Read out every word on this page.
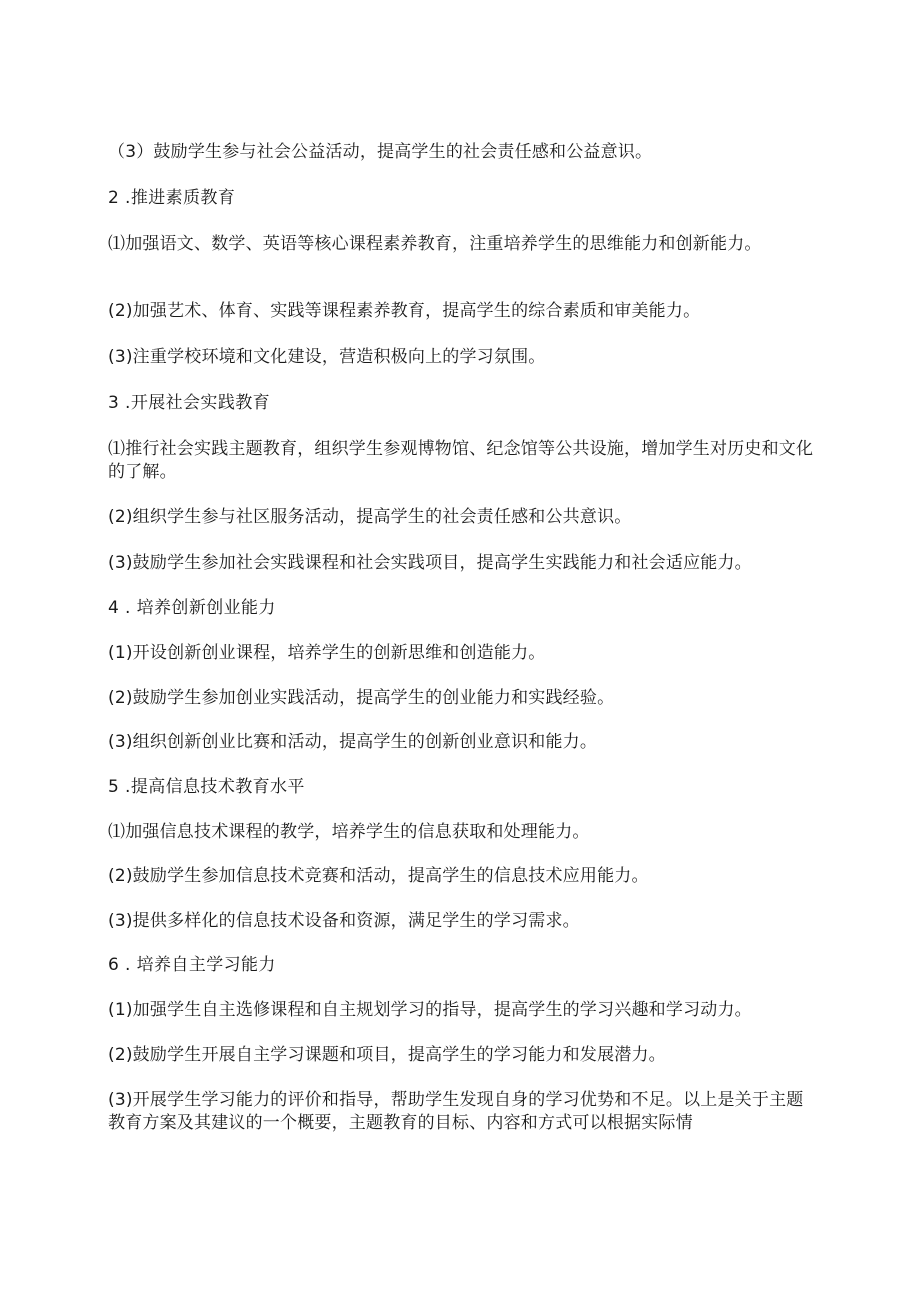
（3）鼓励学生参与社会公益活动，提高学生的社会责任感和公益意识。

2 .推进素质教育

⑴加强语文、数学、英语等核心课程素养教育，注重培养学生的思维能力和创新能力。

(2)加强艺术、体育、实践等课程素养教育，提高学生的综合素质和审美能力。

(3)注重学校环境和文化建设，营造积极向上的学习氛围。

3 .开展社会实践教育

⑴推行社会实践主题教育，组织学生参观博物馆、纪念馆等公共设施，增加学生对历史和文化的了解。

(2)组织学生参与社区服务活动，提高学生的社会责任感和公共意识。

(3)鼓励学生参加社会实践课程和社会实践项目，提高学生实践能力和社会适应能力。

4 . 培养创新创业能力

(1)开设创新创业课程，培养学生的创新思维和创造能力。

(2)鼓励学生参加创业实践活动，提高学生的创业能力和实践经验。

(3)组织创新创业比赛和活动，提高学生的创新创业意识和能力。

5 .提高信息技术教育水平

⑴加强信息技术课程的教学，培养学生的信息获取和处理能力。

(2)鼓励学生参加信息技术竞赛和活动，提高学生的信息技术应用能力。

(3)提供多样化的信息技术设备和资源，满足学生的学习需求。

6 . 培养自主学习能力

(1)加强学生自主选修课程和自主规划学习的指导，提高学生的学习兴趣和学习动力。

(2)鼓励学生开展自主学习课题和项目，提高学生的学习能力和发展潜力。

(3)开展学生学习能力的评价和指导，帮助学生发现自身的学习优势和不足。以上是关于主题教育方案及其建议的一个概要，主题教育的目标、内容和方式可以根据实际情
